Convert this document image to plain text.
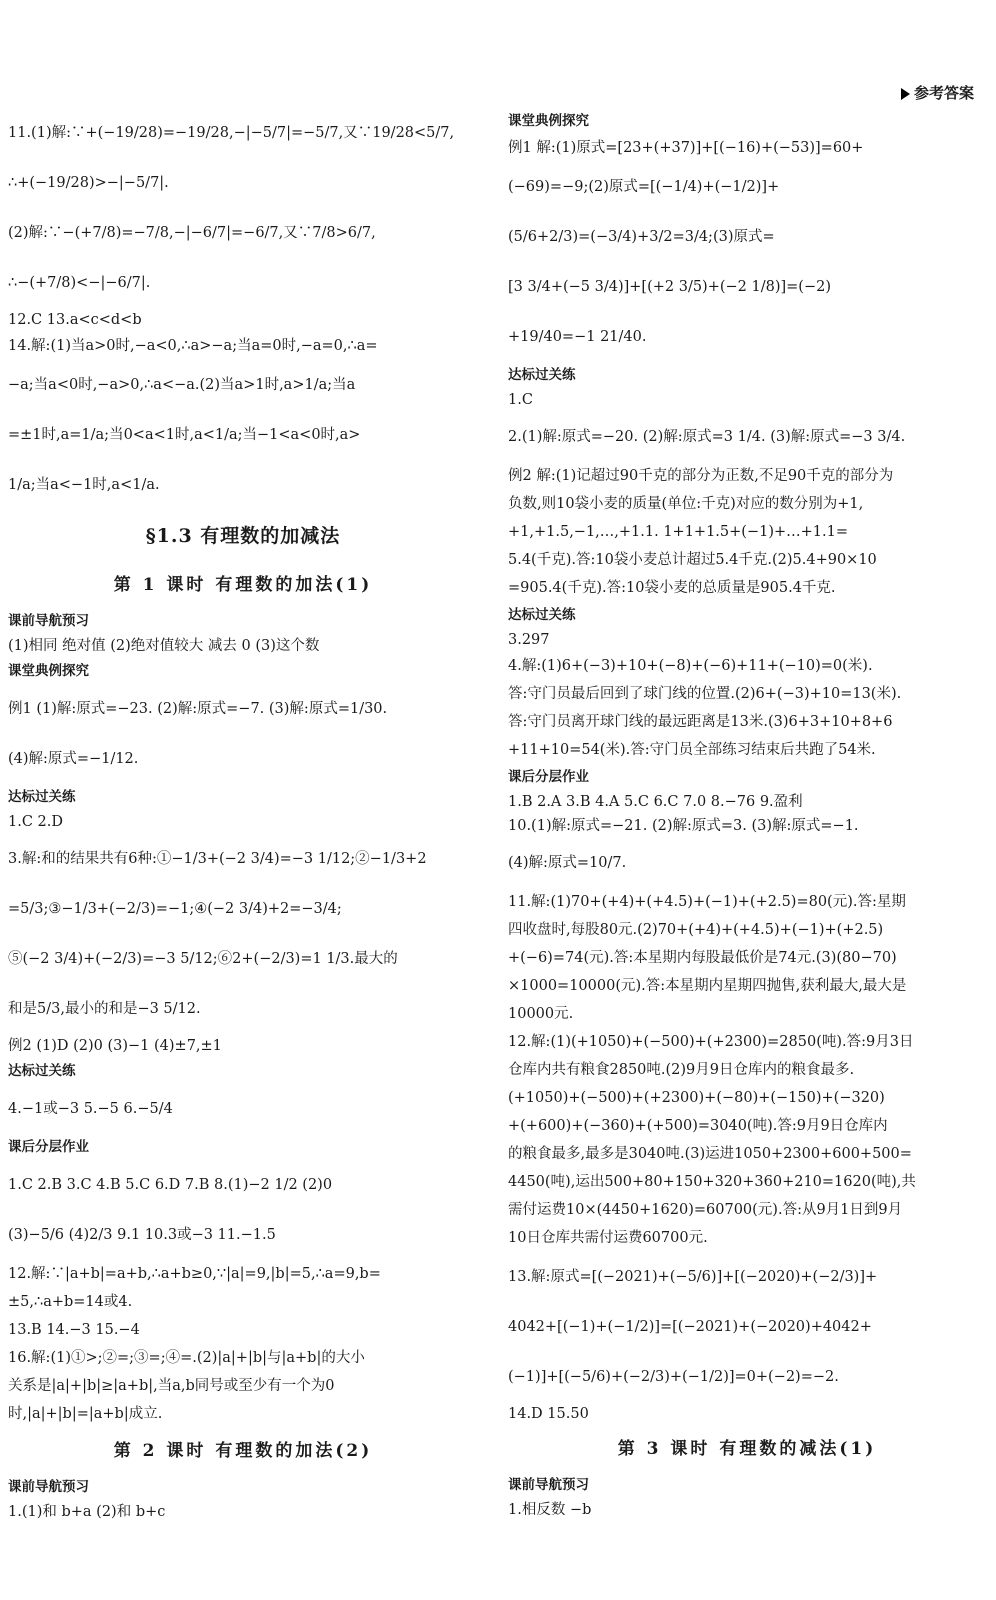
参考答案
11.(1)解:∵+(−19/28)=−19/28,−|−5/7|=−5/7,又∵19/28<5/7,
∴+(−19/28)>−|−5/7|.
(2)解:∵−(+7/8)=−7/8,−|−6/7|=−6/7,又∵7/8>6/7,
∴−(+7/8)<−|−6/7|.
12.C 13.a<c<d<b
14.解:(1)当a>0时,−a<0,∴a>−a;当a=0时,−a=0,∴a=
−a;当a<0时,−a>0,∴a<−a.(2)当a>1时,a>1/a;当a
=±1时,a=1/a;当0<a<1时,a<1/a;当−1<a<0时,a>
1/a;当a<−1时,a<1/a.
§1.3 有理数的加减法
第 1 课时 有理数的加法(1)
课前导航预习
(1)相同 绝对值 (2)绝对值较大 减去 0 (3)这个数
课堂典例探究
例1 (1)解:原式=−23. (2)解:原式=−7. (3)解:原式=1/30.
(4)解:原式=−1/12.
达标过关练
1.C 2.D
3.解:和的结果共有6种:①−1/3+(−2 3/4)=−3 1/12;②−1/3+2
=5/3;③−1/3+(−2/3)=−1;④(−2 3/4)+2=−3/4;
⑤(−2 3/4)+(−2/3)=−3 5/12;⑥2+(−2/3)=1 1/3.最大的
和是5/3,最小的和是−3 5/12.
例2 (1)D (2)0 (3)−1 (4)±7,±1
达标过关练
4.−1或−3 5.−5 6.−5/4
课后分层作业
1.C 2.B 3.C 4.B 5.C 6.D 7.B 8.(1)−2 1/2 (2)0
(3)−5/6 (4)2/3 9.1 10.3或−3 11.−1.5
12.解:∵|a+b|=a+b,∴a+b≥0,∵|a|=9,|b|=5,∴a=9,b=
±5,∴a+b=14或4.
13.B 14.−3 15.−4
16.解:(1)①>;②=;③=;④=.(2)|a|+|b|与|a+b|的大小
关系是|a|+|b|≥|a+b|,当a,b同号或至少有一个为0
时,|a|+|b|=|a+b|成立.
第 2 课时 有理数的加法(2)
课前导航预习
1.(1)和 b+a (2)和 b+c
课堂典例探究
例1 解:(1)原式=[23+(+37)]+[(−16)+(−53)]=60+
(−69)=−9;(2)原式=[(−1/4)+(−1/2)]+
(5/6+2/3)=(−3/4)+3/2=3/4;(3)原式=
[3 3/4+(−5 3/4)]+[(+2 3/5)+(−2 1/8)]=(−2)
+19/40=−1 21/40.
达标过关练
1.C
2.(1)解:原式=−20. (2)解:原式=3 1/4. (3)解:原式=−3 3/4.
例2 解:(1)记超过90千克的部分为正数,不足90千克的部分为
负数,则10袋小麦的质量(单位:千克)对应的数分别为+1,
+1,+1.5,−1,…,+1.1. 1+1+1.5+(−1)+…+1.1=
5.4(千克).答:10袋小麦总计超过5.4千克.(2)5.4+90×10
=905.4(千克).答:10袋小麦的总质量是905.4千克.
达标过关练
3.297
4.解:(1)6+(−3)+10+(−8)+(−6)+11+(−10)=0(米).
答:守门员最后回到了球门线的位置.(2)6+(−3)+10=13(米).
答:守门员离开球门线的最远距离是13米.(3)6+3+10+8+6
+11+10=54(米).答:守门员全部练习结束后共跑了54米.
课后分层作业
1.B 2.A 3.B 4.A 5.C 6.C 7.0 8.−76 9.盈利
10.(1)解:原式=−21. (2)解:原式=3. (3)解:原式=−1.
(4)解:原式=10/7.
11.解:(1)70+(+4)+(+4.5)+(−1)+(+2.5)=80(元).答:星期
四收盘时,每股80元.(2)70+(+4)+(+4.5)+(−1)+(+2.5)
+(−6)=74(元).答:本星期内每股最低价是74元.(3)(80−70)
×1000=10000(元).答:本星期内星期四抛售,获利最大,最大是
10000元.
12.解:(1)(+1050)+(−500)+(+2300)=2850(吨).答:9月3日
仓库内共有粮食2850吨.(2)9月9日仓库内的粮食最多.
(+1050)+(−500)+(+2300)+(−80)+(−150)+(−320)
+(+600)+(−360)+(+500)=3040(吨).答:9月9日仓库内
的粮食最多,最多是3040吨.(3)运进1050+2300+600+500=
4450(吨),运出500+80+150+320+360+210=1620(吨),共
需付运费10×(4450+1620)=60700(元).答:从9月1日到9月
10日仓库共需付运费60700元.
13.解:原式=[(−2021)+(−5/6)]+[(−2020)+(−2/3)]+
4042+[(−1)+(−1/2)]=[(−2021)+(−2020)+4042+
(−1)]+[(−5/6)+(−2/3)+(−1/2)]=0+(−2)=−2.
14.D 15.50
第 3 课时 有理数的减法(1)
课前导航预习
1.相反数 −b
